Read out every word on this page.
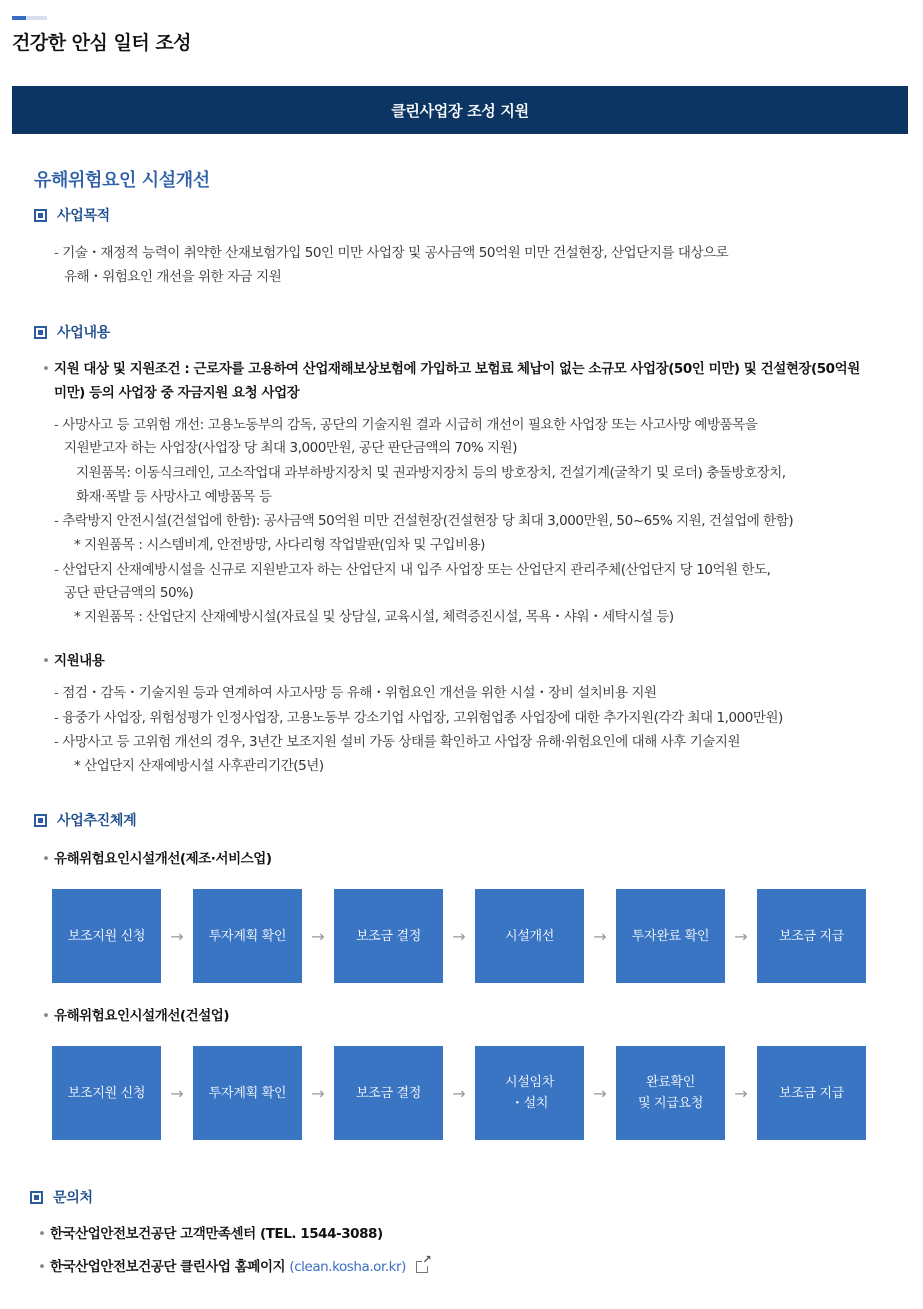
건강한 안심 일터 조성
클린사업장 조성 지원
유해위험요인 시설개선
사업목적
- 기술・재정적 능력이 취약한 산재보험가입 50인 미만 사업장 및 공사금액 50억원 미만 건설현장, 산업단지를 대상으로
유해・위험요인 개선을 위한 자금 지원
사업내용
• 지원 대상 및 지원조건 : 근로자를 고용하여 산업재해보상보험에 가입하고 보험료 체납이 없는 소규모 사업장(50인 미만) 및 건설현장(50억원
미만) 등의 사업장 중 자금지원 요청 사업장
- 사망사고 등 고위험 개선: 고용노동부의 감독, 공단의 기술지원 결과 시급히 개선이 필요한 사업장 또는 사고사망 예방품목을
지원받고자 하는 사업장(사업장 당 최대 3,000만원, 공단 판단금액의 70% 지원)
지원품목: 이동식크레인, 고소작업대 과부하방지장치 및 권과방지장치 등의 방호장치, 건설기계(굴착기 및 로더) 충돌방호장치,
화재·폭발 등 사망사고 예방품목 등
- 추락방지 안전시설(건설업에 한함): 공사금액 50억원 미만 건설현장(건설현장 당 최대 3,000만원, 50~65% 지원, 건설업에 한함)
* 지원품목 : 시스템비계, 안전방망, 사다리형 작업발판(임차 및 구입비용)
- 산업단지 산재예방시설을 신규로 지원받고자 하는 산업단지 내 입주 사업장 또는 산업단지 관리주체(산업단지 당 10억원 한도,
공단 판단금액의 50%)
* 지원품목 : 산업단지 산재예방시설(자료실 및 상담실, 교육시설, 체력증진시설, 목욕・샤워・세탁시설 등)
• 지원내용
- 점검・감독・기술지원 등과 연계하여 사고사망 등 유해・위험요인 개선을 위한 시설・장비 설치비용 지원
- 융중가 사업장, 위험성평가 인정사업장, 고용노동부 강소기업 사업장, 고위험업종 사업장에 대한 추가지원(각각 최대 1,000만원)
- 사망사고 등 고위험 개선의 경우, 3년간 보조지원 설비 가동 상태를 확인하고 사업장 유해·위험요인에 대해 사후 기술지원
* 산업단지 산재예방시설 사후관리기간(5년)
사업추진체계
• 유해위험요인시설개선(제조·서비스업)
보조지원 신청	→	투자계획 확인	→	보조금 결정	→	시설개선	→	투자완료 확인	→	보조금 지급
• 유해위험요인시설개선(건설업)
보조지원 신청	→	투자계획 확인	→	보조금 결정	→
시설임차
・설치
→
완료확인
및 지급요청
→	보조금 지급
문의처
• 한국산업안전보건공단 고객만족센터 (TEL. 1544-3088)
• 한국산업안전보건공단 클린사업 홈페이지 (clean.kosha.or.kr) ↗
